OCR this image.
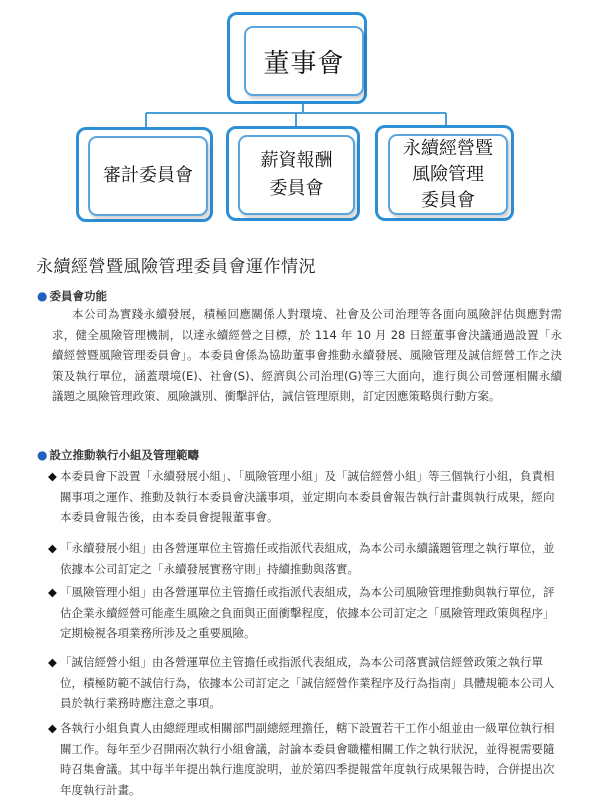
董事會
審計委員會
薪資報酬
委員會
永續經營暨
風險管理
委員會
永續經營暨風險管理委員會運作情況
● 委員會功能
本公司為實踐永續發展，積極回應關係人對環境、社會及公司治理等各面向風險評估與應對需求，健全風險管理機制，以達永續經營之目標，於 114 年 10 月 28 日經董事會決議通過設置「永續經營暨風險管理委員會」。本委員會係為協助董事會推動永續發展、風險管理及誠信經營工作之決策及執行單位，涵蓋環境(E)、社會(S)、經濟與公司治理(G)等三大面向，進行與公司營運相關永續議題之風險管理政策、風險識別、衝擊評估，誠信管理原則，訂定因應策略與行動方案。
● 設立推動執行小組及管理範疇
◆ 本委員會下設置「永續發展小組」、「風險管理小組」及「誠信經營小組」等三個執行小組，負責相關事項之運作、推動及執行本委員會決議事項，並定期向本委員會報告執行計畫與執行成果，經向本委員會報告後，由本委員會提報董事會。
◆ 「永續發展小組」由各營運單位主管擔任或指派代表組成，為本公司永續議題管理之執行單位，並依據本公司訂定之「永續發展實務守則」持續推動與落實。
◆ 「風險管理小組」由各營運單位主管擔任或指派代表組成，為本公司風險管理推動與執行單位，評估企業永續經營可能產生風險之負面與正面衝擊程度，依據本公司訂定之「風險管理政策與程序」定期檢視各項業務所涉及之重要風險。
◆ 「誠信經營小組」由各營運單位主管擔任或指派代表組成，為本公司落實誠信經營政策之執行單位，積極防範不誠信行為，依據本公司訂定之「誠信經營作業程序及行為指南」具體規範本公司人員於執行業務時應注意之事項。
◆ 各執行小組負責人由總經理或相關部門副總經理擔任，轄下設置若干工作小組並由一級單位執行相關工作。每年至少召開兩次執行小組會議，討論本委員會職權相關工作之執行狀況，並得視需要隨時召集會議。其中每半年提出執行進度說明，並於第四季提報當年度執行成果報告時，合併提出次年度執行計畫。
